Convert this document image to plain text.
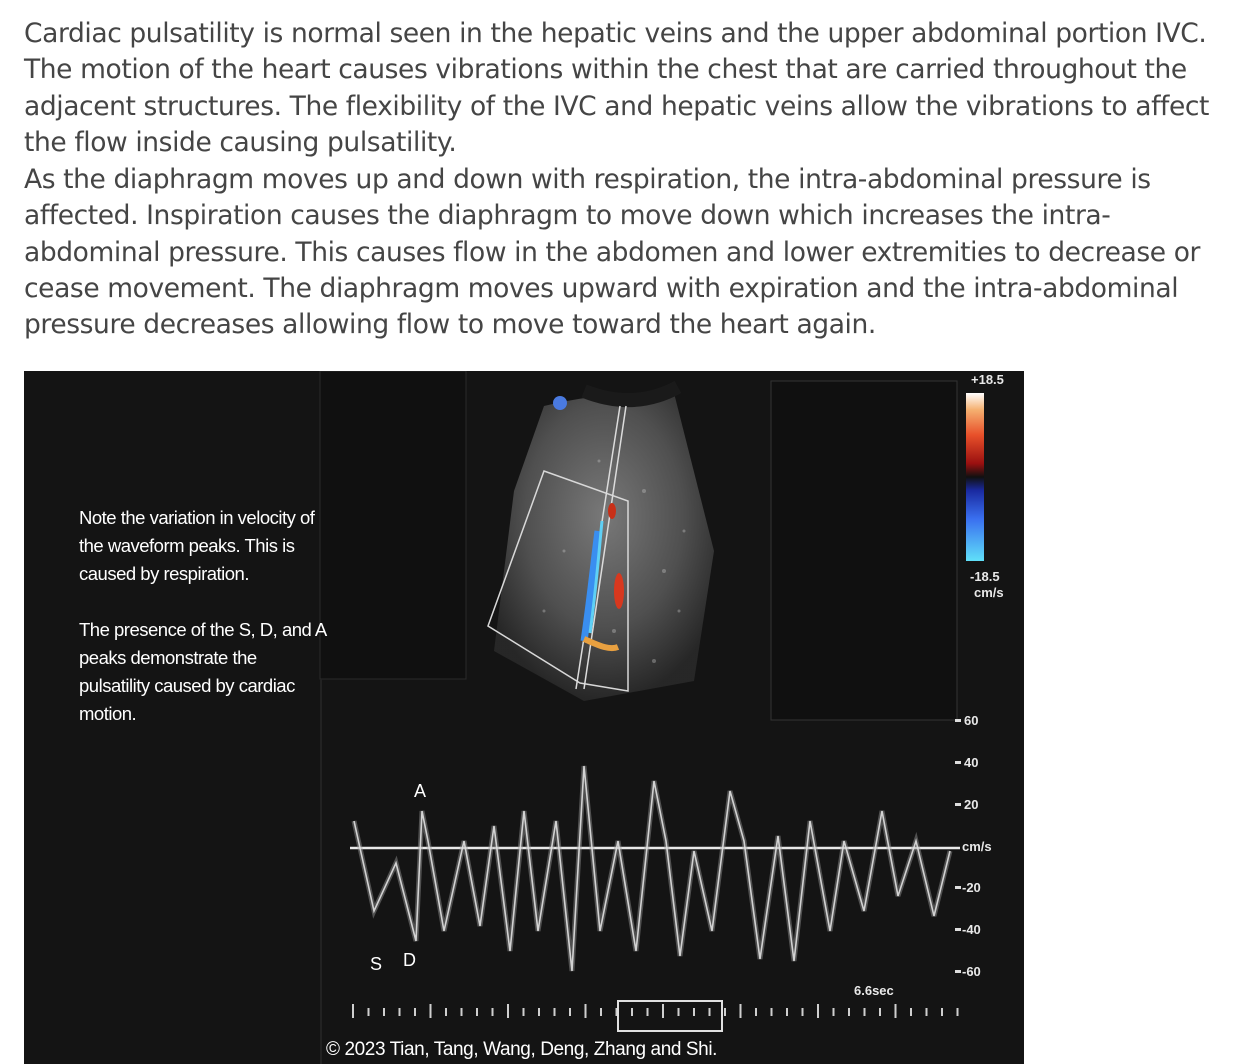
Cardiac pulsatility is normal seen in the hepatic veins and the upper abdominal portion IVC. The motion of the heart causes vibrations within the chest that are carried throughout the adjacent structures. The flexibility of the IVC and hepatic veins allow the vibrations to affect the flow inside causing pulsatility.

As the diaphragm moves up and down with respiration, the intra-abdominal pressure is affected. Inspiration causes the diaphragm to move down which increases the intra-abdominal pressure. This causes flow in the abdomen and lower extremities to decrease or cease movement. The diaphragm moves upward with expiration and the intra-abdominal pressure decreases allowing flow to move toward the heart again.

Note the variation in velocity of the waveform peaks. This is caused by respiration.

The presence of the S, D, and A peaks demonstrate the pulsatility caused by cardiac motion.

A
S D
+18.5
-18.5
cm/s
60
40
20
cm/s
-20
-40
-60
6.6sec
© 2023 Tian, Tang, Wang, Deng, Zhang and Shi.
